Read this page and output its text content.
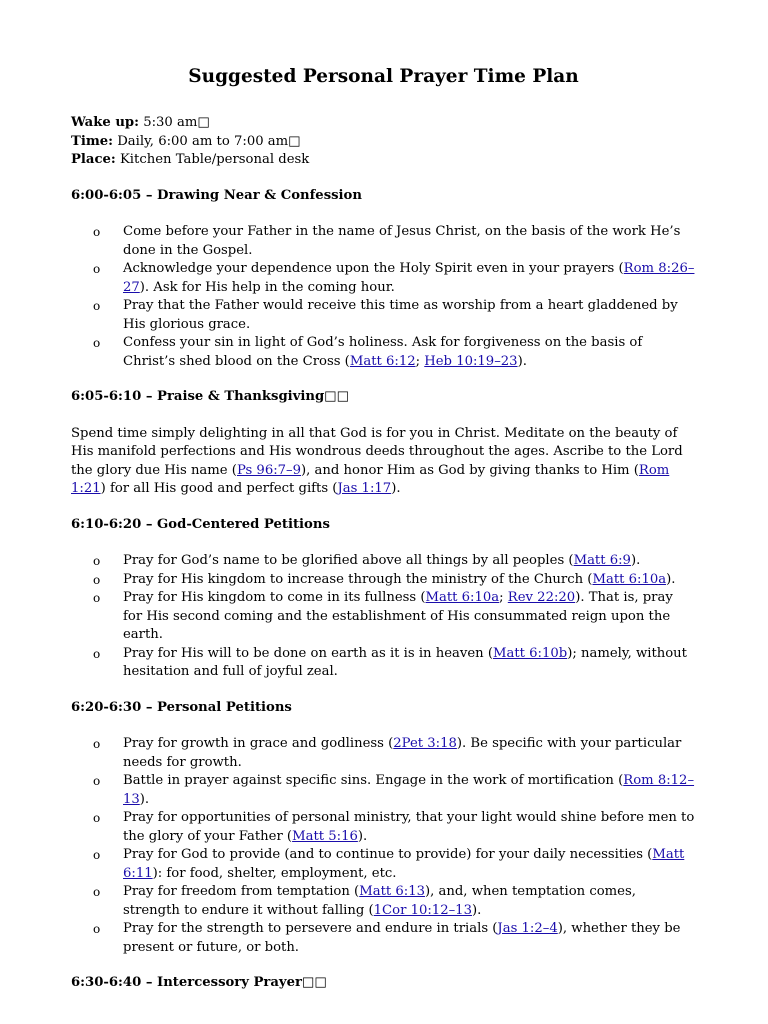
Suggested Personal Prayer Time Plan
Wake up: 5:30 am□
Time: Daily, 6:00 am to 7:00 am□
Place: Kitchen Table/personal desk
6:00-6:05 – Drawing Near & Confession
o Come before your Father in the name of Jesus Christ, on the basis of the work He’s done in the Gospel.
o Acknowledge your dependence upon the Holy Spirit even in your prayers (Rom 8:26–27). Ask for His help in the coming hour.
o Pray that the Father would receive this time as worship from a heart gladdened by His glorious grace.
o Confess your sin in light of God’s holiness. Ask for forgiveness on the basis of Christ’s shed blood on the Cross (Matt 6:12; Heb 10:19–23).
6:05-6:10 – Praise & Thanksgiving□□
Spend time simply delighting in all that God is for you in Christ. Meditate on the beauty of His manifold perfections and His wondrous deeds throughout the ages. Ascribe to the Lord the glory due His name (Ps 96:7–9), and honor Him as God by giving thanks to Him (Rom 1:21) for all His good and perfect gifts (Jas 1:17).
6:10-6:20 – God-Centered Petitions
o Pray for God’s name to be glorified above all things by all peoples (Matt 6:9).
o Pray for His kingdom to increase through the ministry of the Church (Matt 6:10a).
o Pray for His kingdom to come in its fullness (Matt 6:10a; Rev 22:20). That is, pray for His second coming and the establishment of His consummated reign upon the earth.
o Pray for His will to be done on earth as it is in heaven (Matt 6:10b); namely, without hesitation and full of joyful zeal.
6:20-6:30 – Personal Petitions
o Pray for growth in grace and godliness (2Pet 3:18). Be specific with your particular needs for growth.
o Battle in prayer against specific sins. Engage in the work of mortification (Rom 8:12–13).
o Pray for opportunities of personal ministry, that your light would shine before men to the glory of your Father (Matt 5:16).
o Pray for God to provide (and to continue to provide) for your daily necessities (Matt 6:11): for food, shelter, employment, etc.
o Pray for freedom from temptation (Matt 6:13), and, when temptation comes, strength to endure it without falling (1Cor 10:12–13).
o Pray for the strength to persevere and endure in trials (Jas 1:2–4), whether they be present or future, or both.
6:30-6:40 – Intercessory Prayer□□
